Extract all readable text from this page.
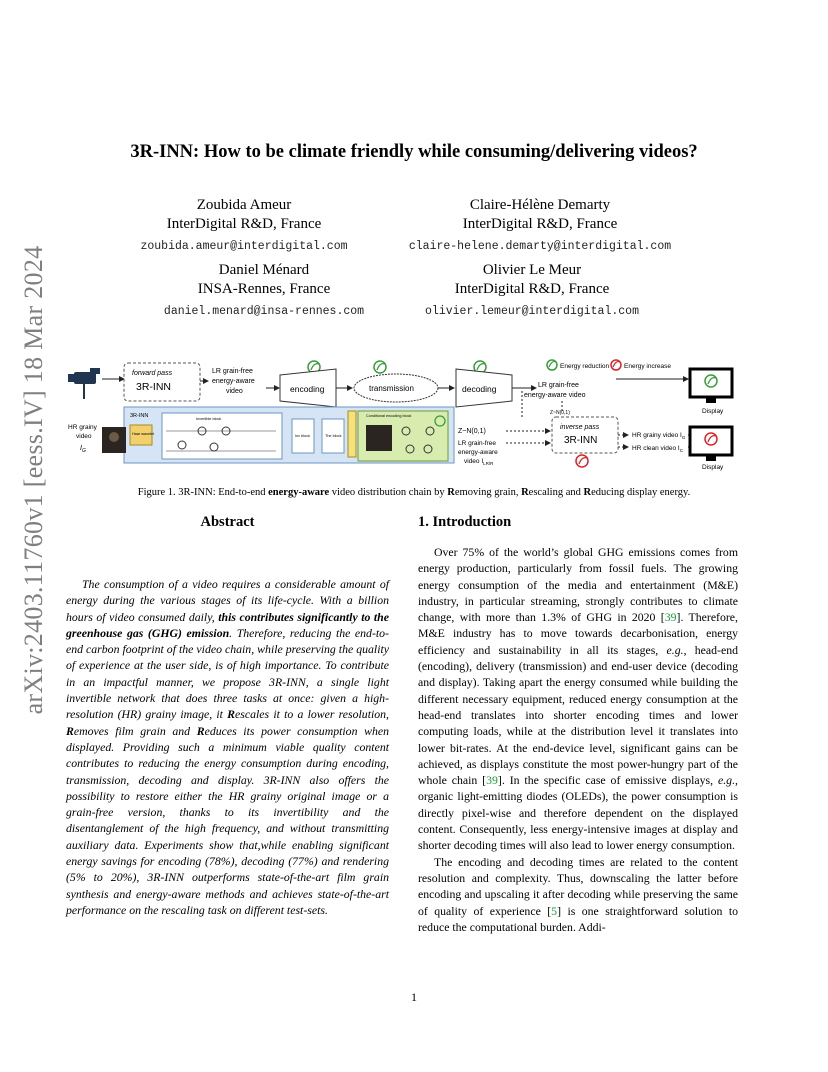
arXiv:2403.11760v1 [eess.IV] 18 Mar 2024
3R-INN: How to be climate friendly while consuming/delivering videos?
Zoubida Ameur
InterDigital R&D, France
zoubida.ameur@interdigital.com
Claire-Hélène Demarty
InterDigital R&D, France
claire-helene.demarty@interdigital.com
Daniel Ménard
INSA-Rennes, France
daniel.menard@insa-rennes.com
Olivier Le Meur
InterDigital R&D, France
olivier.lemeur@interdigital.com
Energy reduction Energy increase
HR grainy
video
$I_G$
forward pass
3R-INN
LR grain-free
energy-aware
video	encoding	transmission	decoding	LR grain-free
energy-aware video
Display
Z~N(0,1)
3R-INN
Haar wavelet
Invertible block
Inv block	The block
Conditional encoding block
Z~N(0,1)
LR grain-free
energy-aware
video $I_{LR/R}$
inverse pass
3R-INN	HR grainy video $I_G$
HR clean video $I_C$
Display
Figure 1. 3R-INN: End-to-end energy-aware video distribution chain by Removing grain, Rescaling and Reducing display energy.
Abstract
The consumption of a video requires a considerable amount of energy during the various stages of its life-cycle. With a billion hours of video consumed daily, this contributes significantly to the greenhouse gas (GHG) emission. Therefore, reducing the end-to-end carbon footprint of the video chain, while preserving the quality of experience at the user side, is of high importance. To contribute in an impactful manner, we propose 3R-INN, a single light invertible network that does three tasks at once: given a high-resolution (HR) grainy image, it Rescales it to a lower resolution, Removes film grain and Reduces its power consumption when displayed. Providing such a minimum viable quality content contributes to reducing the energy consumption during encoding, transmission, decoding and display. 3R-INN also offers the possibility to restore either the HR grainy original image or a grain-free version, thanks to its invertibility and the disentanglement of the high frequency, and without transmitting auxiliary data. Experiments show that,while enabling significant energy savings for encoding (78%), decoding (77%) and rendering (5% to 20%), 3R-INN outperforms state-of-the-art film grain synthesis and energy-aware methods and achieves state-of-the-art performance on the rescaling task on different test-sets.
1. Introduction

Over 75% of the world’s global GHG emissions comes from energy production, particularly from fossil fuels. The growing energy consumption of the media and entertainment (M&E) industry, in particular streaming, strongly contributes to climate change, with more than 1.3% of GHG in 2020 [39]. Therefore, M&E industry has to move towards decarbonisation, energy efficiency and sustainability in all its stages, e.g., head-end (encoding), delivery (transmission) and end-user device (decoding and display). Taking apart the energy consumed while building the different necessary equipment, reduced energy consumption at the head-end translates into shorter encoding times and lower computing loads, while at the distribution level it translates into lower bit-rates. At the end-device level, significant gains can be achieved, as displays constitute the most power-hungry part of the whole chain [39]. In the specific case of emissive displays, e.g., organic light-emitting diodes (OLEDs), the power consumption is directly pixel-wise and therefore dependent on the displayed content. Consequently, less energy-intensive images at display and shorter decoding times will also lead to lower energy consumption.

The encoding and decoding times are related to the content resolution and complexity. Thus, downscaling the latter before encoding and upscaling it after decoding while preserving the same of quality of experience [5] is one straightforward solution to reduce the computational burden. Addi-

1
